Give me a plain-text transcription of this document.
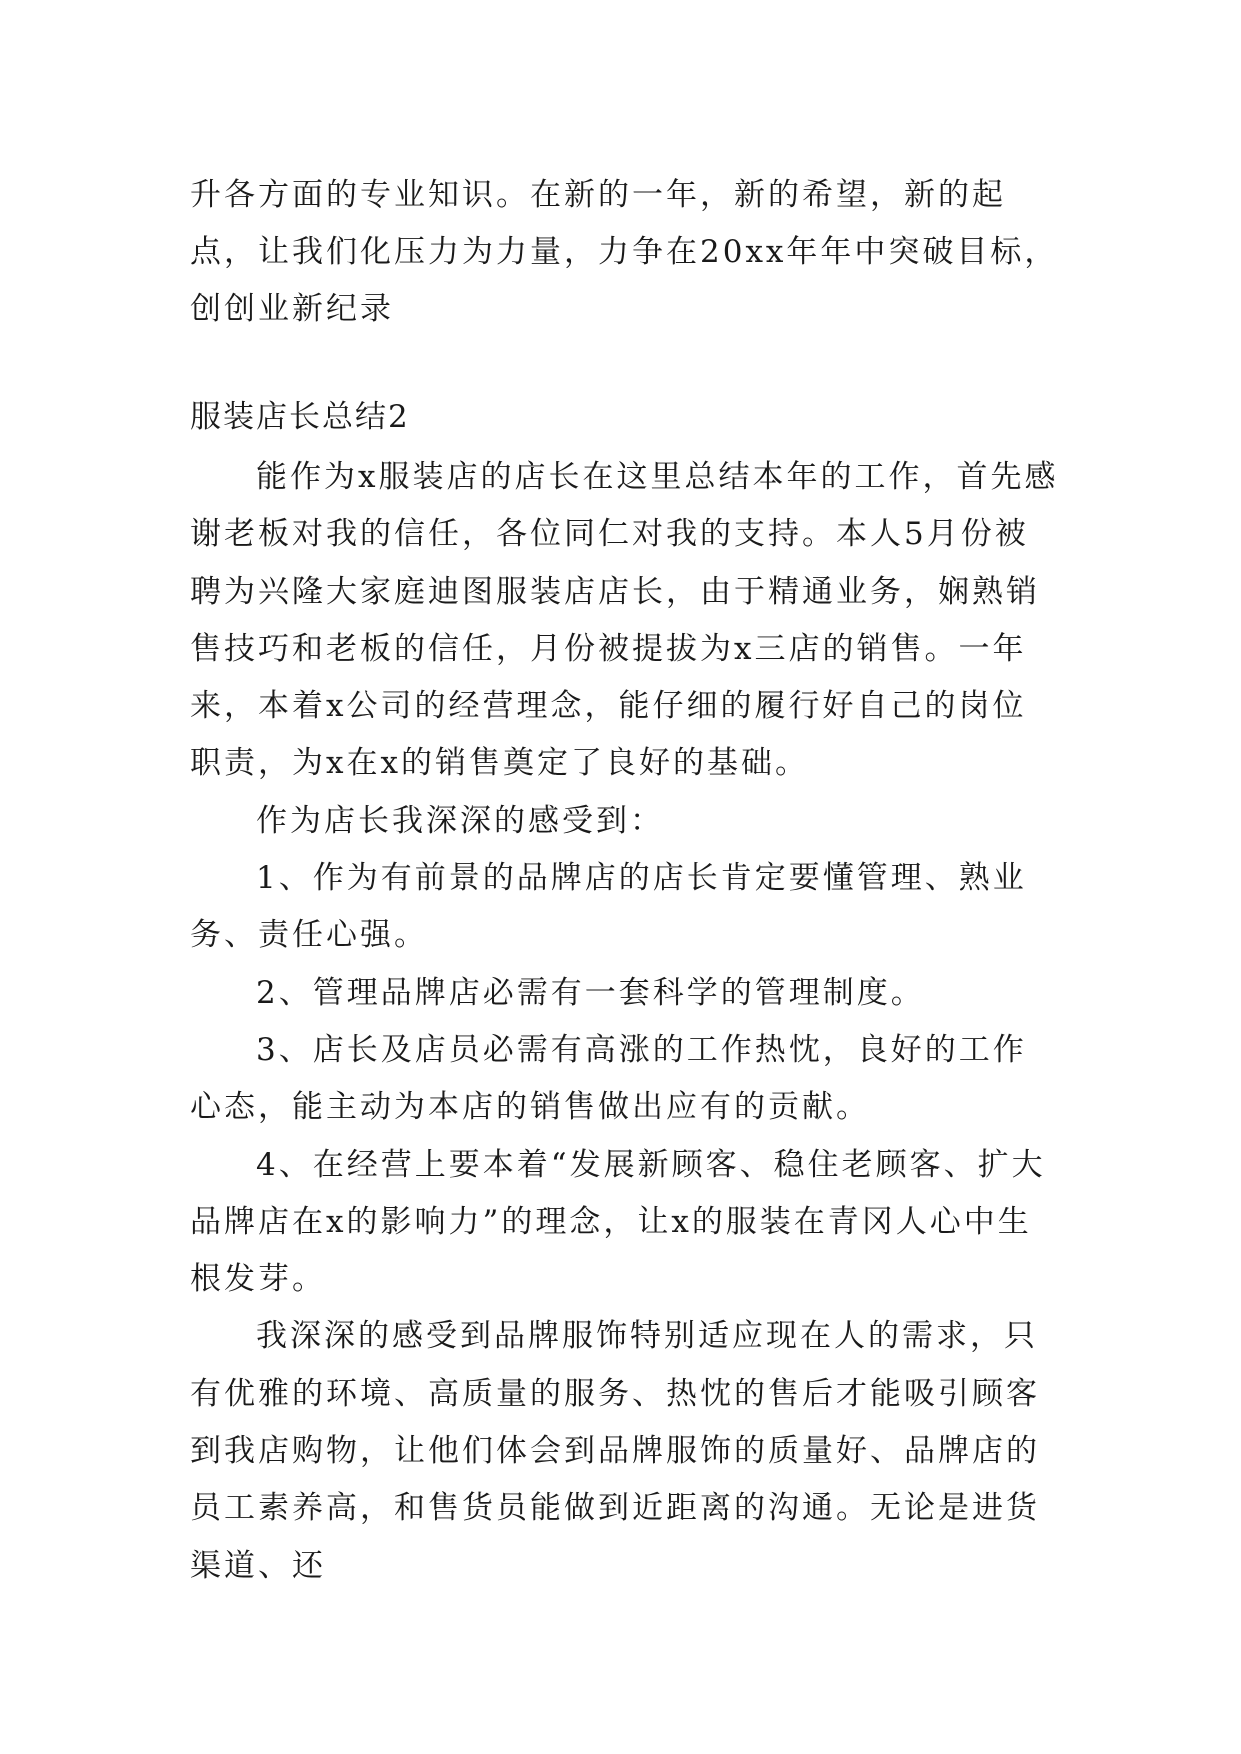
升各方面的专业知识。在新的一年，新的希望，新的起点，让我们化压力为力量，力争在20xx年年中突破目标，创创业新纪录

服装店长总结2

能作为x服装店的店长在这里总结本年的工作，首先感谢老板对我的信任，各位同仁对我的支持。本人5月份被聘为兴隆大家庭迪图服装店店长，由于精通业务，娴熟销售技巧和老板的信任，月份被提拔为x三店的销售。一年来，本着x公司的经营理念，能仔细的履行好自己的岗位职责，为x在x的销售奠定了良好的基础。

作为店长我深深的感受到：

1、作为有前景的品牌店的店长肯定要懂管理、熟业务、责任心强。

2、管理品牌店必需有一套科学的管理制度。

3、店长及店员必需有高涨的工作热忱，良好的工作心态，能主动为本店的销售做出应有的贡献。

4、在经营上要本着“发展新顾客、稳住老顾客、扩大品牌店在x的影响力”的理念，让x的服装在青冈人心中生根发芽。

我深深的感受到品牌服饰特别适应现在人的需求，只有优雅的环境、高质量的服务、热忱的售后才能吸引顾客到我店购物，让他们体会到品牌服饰的质量好、品牌店的员工素养高，和售货员能做到近距离的沟通。无论是进货渠道、还
